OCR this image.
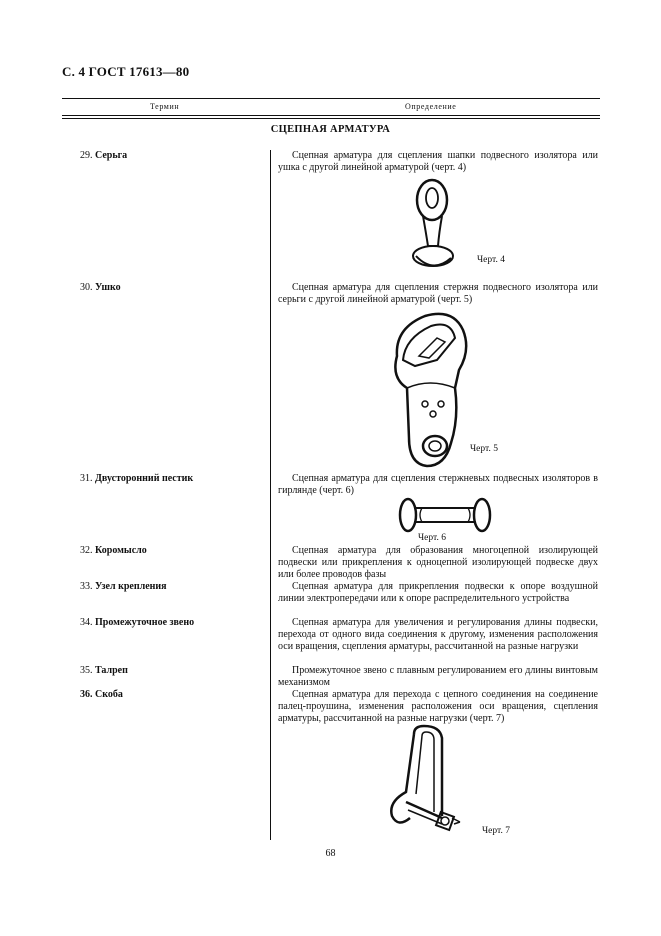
С. 4 ГОСТ 17613—80
Термин	Определение
СЦЕПНАЯ АРМАТУРА
29. Серьга	Сцепная арматура для сцепления шапки подвесного изолятора или ушка с другой линейной арматурой (черт. 4)
Черт. 4
30. Ушко	Сцепная арматура для сцепления стержня подвесного изолятора или серьги с другой линейной арматурой (черт. 5)
Черт. 5
31. Двусторонний пестик	Сцепная арматура для сцепления стержневых подвесных изоляторов в гирлянде (черт. 6)
Черт. 6
32. Коромысло	Сцепная арматура для образования многоцепной изолирующей подвески или прикрепления к одноцепной изолирующей подвеске двух или более проводов фазы
33. Узел крепления	Сцепная арматура для прикрепления подвески к опоре воздушной линии электропередачи или к опоре распределительного устройства
34. Промежуточное звено	Сцепная арматура для увеличения и регулирования длины подвески, перехода от одного вида соединения к другому, изменения расположения оси вращения, сцепления арматуры, рассчитанной на разные нагрузки
35. Талреп	Промежуточное звено с плавным регулированием его длины винтовым механизмом
36. Скоба	Сцепная арматура для перехода с цепного соединения на соединение палец-проушина, изменения расположения оси вращения, сцепления арматуры, рассчитанной на разные нагрузки (черт. 7)
Черт. 7
68
